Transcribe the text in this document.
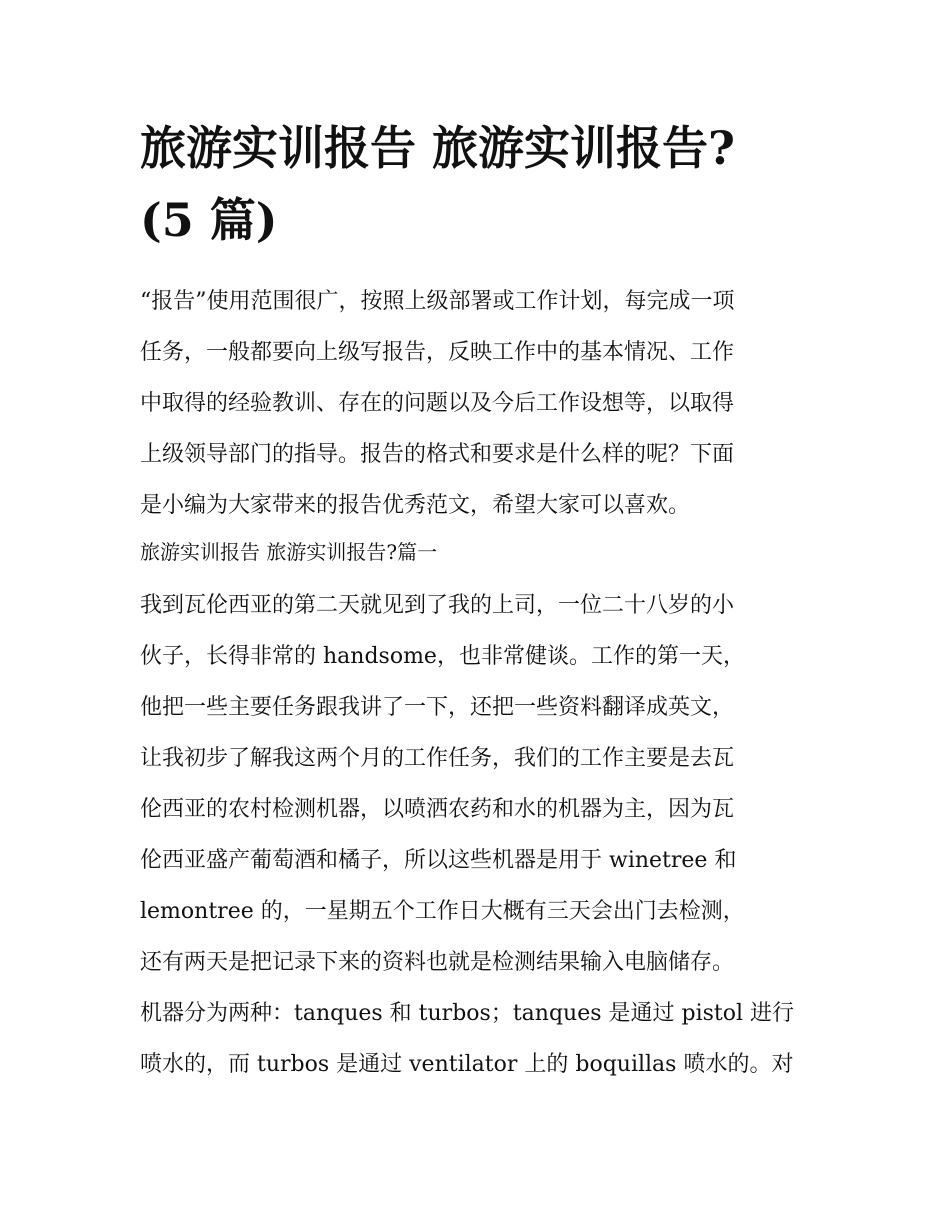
旅游实训报告 旅游实训报告?
(5 篇)
“报告”使用范围很广，按照上级部署或工作计划，每完成一项
任务，一般都要向上级写报告，反映工作中的基本情况、工作
中取得的经验教训、存在的问题以及今后工作设想等，以取得
上级领导部门的指导。报告的格式和要求是什么样的呢？下面
是小编为大家带来的报告优秀范文，希望大家可以喜欢。
旅游实训报告 旅游实训报告?篇一
我到瓦伦西亚的第二天就见到了我的上司，一位二十八岁的小
伙子，长得非常的 handsome，也非常健谈。工作的第一天，
他把一些主要任务跟我讲了一下，还把一些资料翻译成英文，
让我初步了解我这两个月的工作任务，我们的工作主要是去瓦
伦西亚的农村检测机器，以喷洒农药和水的机器为主，因为瓦
伦西亚盛产葡萄酒和橘子，所以这些机器是用于 winetree 和
lemontree 的，一星期五个工作日大概有三天会出门去检测，
还有两天是把记录下来的资料也就是检测结果输入电脑储存。
机器分为两种：tanques 和 turbos；tanques 是通过 pistol 进行
喷水的，而 turbos 是通过 ventilator 上的 boquillas 喷水的。对
